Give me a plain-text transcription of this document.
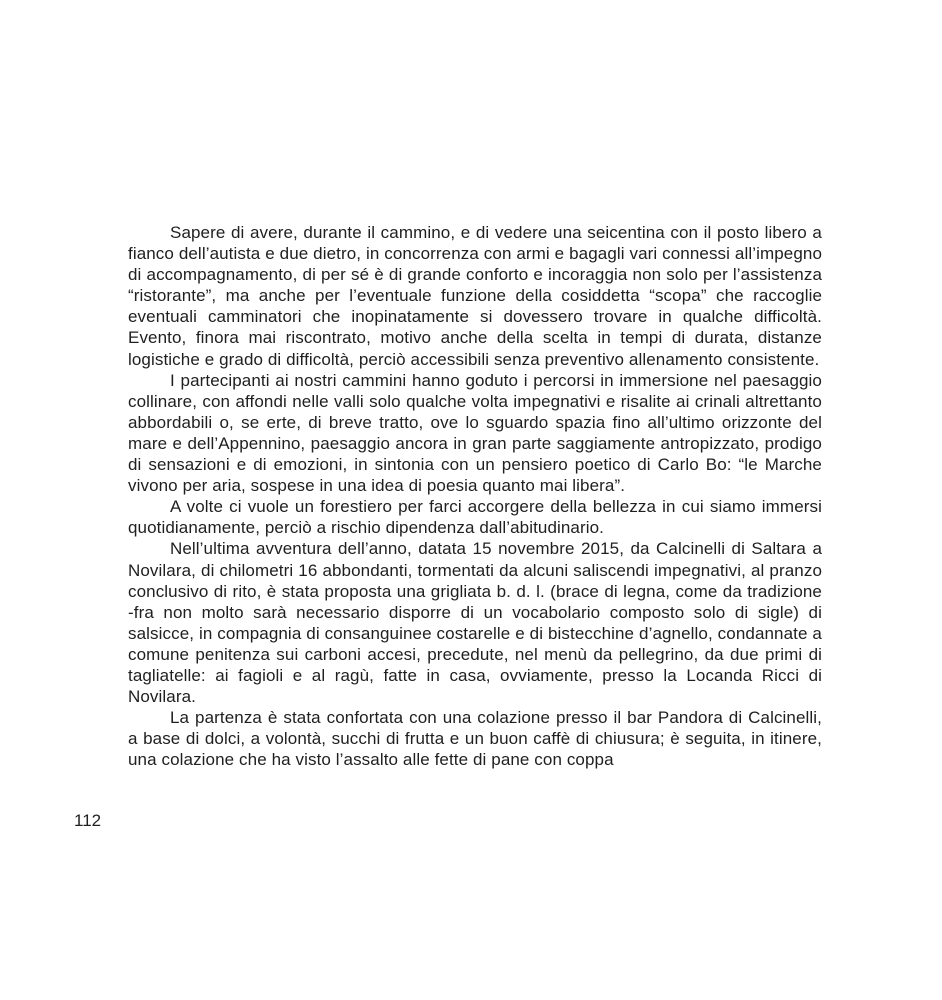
112

Sapere di avere, durante il cammino, e di vedere una seicentina con il posto libero a fianco dell’autista e due dietro, in concorrenza con armi e bagagli vari connessi all’impegno di accompagnamento, di per sé è di grande conforto e incoraggia non solo per l’assistenza “ristorante”, ma anche per l’eventuale funzione della cosiddetta “scopa” che raccoglie eventuali camminatori che inopinatamente si dovessero trovare in qualche difficoltà. Evento, finora mai riscontrato, motivo anche della scelta in tempi di durata, distanze logistiche e grado di difficoltà, perciò accessibili senza preventivo allenamento consistente.

I partecipanti ai nostri cammini hanno goduto i percorsi in immersione nel paesaggio collinare, con affondi nelle valli solo qualche volta impegnativi e risalite ai crinali altrettanto abbordabili o, se erte, di breve tratto, ove lo sguardo spazia fino all’ultimo orizzonte del mare e dell’Appennino, paesaggio ancora in gran parte saggiamente antropizzato, prodigo di sensazioni e di emozioni, in sintonia con un pensiero poetico di Carlo Bo: “le Marche vivono per aria, sospese in una idea di poesia quanto mai libera”.

A volte ci vuole un forestiero per farci accorgere della bellezza in cui siamo immersi quotidianamente, perciò a rischio dipendenza dall’abitudinario.

Nell’ultima avventura dell’anno, datata 15 novembre 2015, da Calcinelli di Saltara a Novilara, di chilometri 16 abbondanti, tormentati da alcuni saliscendi impegnativi, al pranzo conclusivo di rito, è stata proposta una grigliata b. d. l. (brace di legna, come da tradizione -fra non molto sarà necessario disporre di un vocabolario composto solo di sigle) di salsicce, in compagnia di consanguinee costarelle e di bistecchine d’agnello, condannate a comune penitenza sui carboni accesi, precedute, nel menù da pellegrino, da due primi di tagliatelle: ai fagioli e al ragù, fatte in casa, ovviamente, presso la Locanda Ricci di Novilara.

La partenza è stata confortata con una colazione presso il bar Pandora di Calcinelli, a base di dolci, a volontà, succhi di frutta e un buon caffè di chiusura; è seguita, in itinere, una colazione che ha visto l’assalto alle fette di pane con coppa
